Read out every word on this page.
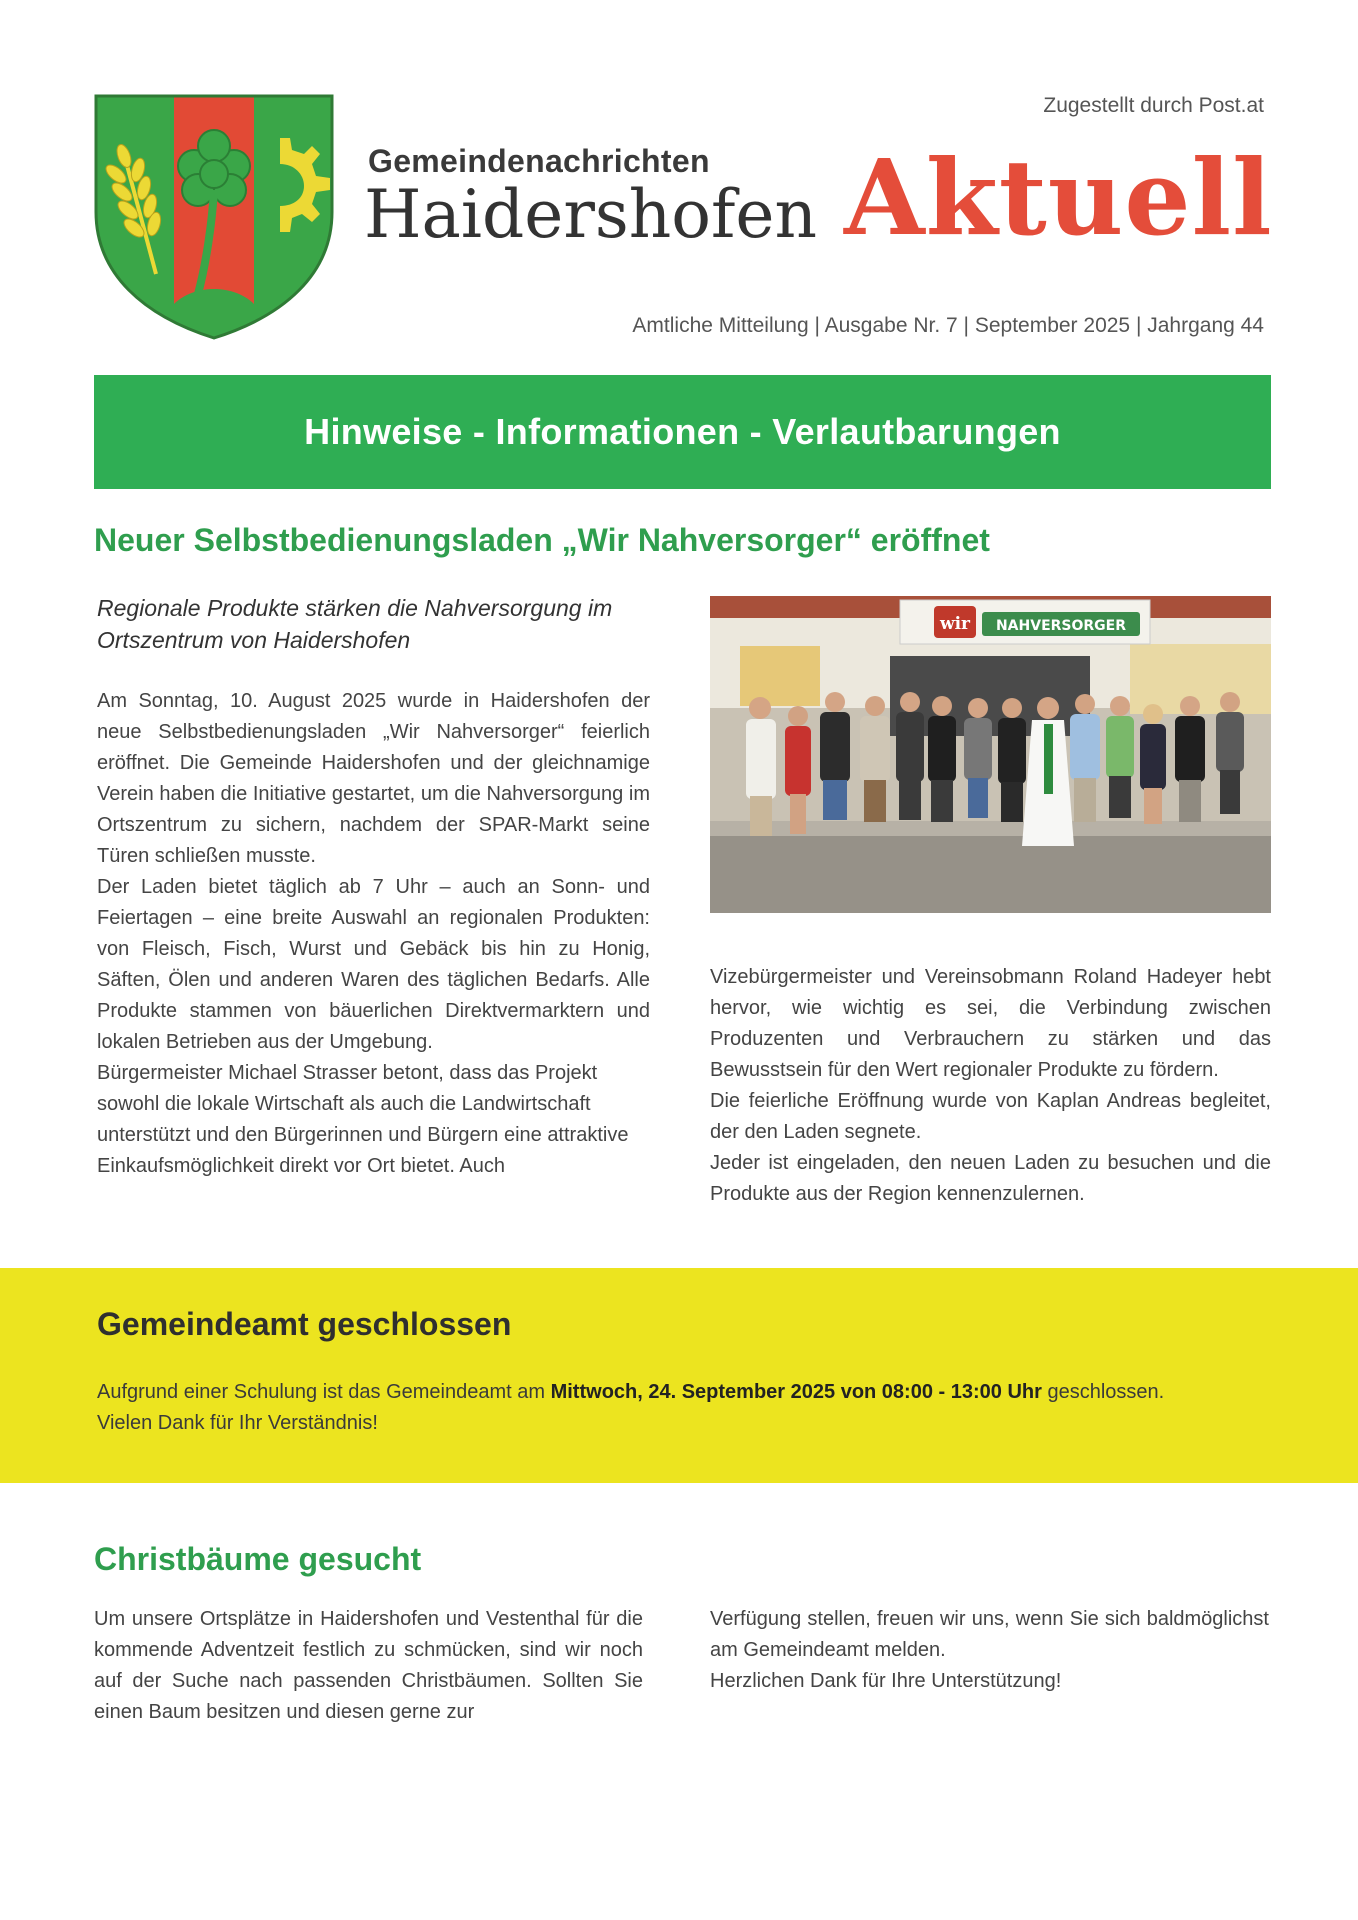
Zugestellt durch Post.at
Gemeindenachrichten
Haidershofen Aktuell
Amtliche Mitteilung | Ausgabe Nr. 7 | September 2025 | Jahrgang 44
Hinweise - Informationen - Verlautbarungen
Neuer Selbstbedienungsladen „Wir Nahversorger“ eröffnet
Regionale Produkte stärken die Nahversorgung im Ortszentrum von Haidershofen

Am Sonntag, 10. August 2025 wurde in Haidershofen der neue Selbstbedienungsladen „Wir Nahversorger“ feierlich eröffnet. Die Gemeinde Haidershofen und der gleichnamige Verein haben die Initiative gestartet, um die Nahversorgung im Ortszentrum zu sichern, nachdem der SPAR-Markt seine Türen schließen musste.

Der Laden bietet täglich ab 7 Uhr – auch an Sonn- und Feiertagen – eine breite Auswahl an regionalen Produkten: von Fleisch, Fisch, Wurst und Gebäck bis hin zu Honig, Säften, Ölen und anderen Waren des täglichen Bedarfs. Alle Produkte stammen von bäuerlichen Direktvermarktern und lokalen Betrieben aus der Umgebung.

Bürgermeister Michael Strasser betont, dass das Projekt sowohl die lokale Wirtschaft als auch die Landwirtschaft unterstützt und den Bürgerinnen und Bürgern eine attraktive Einkaufsmöglichkeit direkt vor Ort bietet. Auch

wir NAHVERSORGER

Vizebürgermeister und Vereinsobmann Roland Hadeyer hebt hervor, wie wichtig es sei, die Verbindung zwischen Produzenten und Verbrauchern zu stärken und das Bewusstsein für den Wert regionaler Produkte zu fördern.

Die feierliche Eröffnung wurde von Kaplan Andreas begleitet, der den Laden segnete.

Jeder ist eingeladen, den neuen Laden zu besuchen und die Produkte aus der Region kennenzulernen.

Gemeindeamt geschlossen
Aufgrund einer Schulung ist das Gemeindeamt am Mittwoch, 24. September 2025 von 08:00 - 13:00 Uhr geschlossen.
Vielen Dank für Ihr Verständnis!
Christbäume gesucht

Um unsere Ortsplätze in Haidershofen und Vestenthal für die kommende Adventzeit festlich zu schmücken, sind wir noch auf der Suche nach passenden Christbäumen. Sollten Sie einen Baum besitzen und diesen gerne zur

Verfügung stellen, freuen wir uns, wenn Sie sich baldmöglichst am Gemeindeamt melden.

Herzlichen Dank für Ihre Unterstützung!
